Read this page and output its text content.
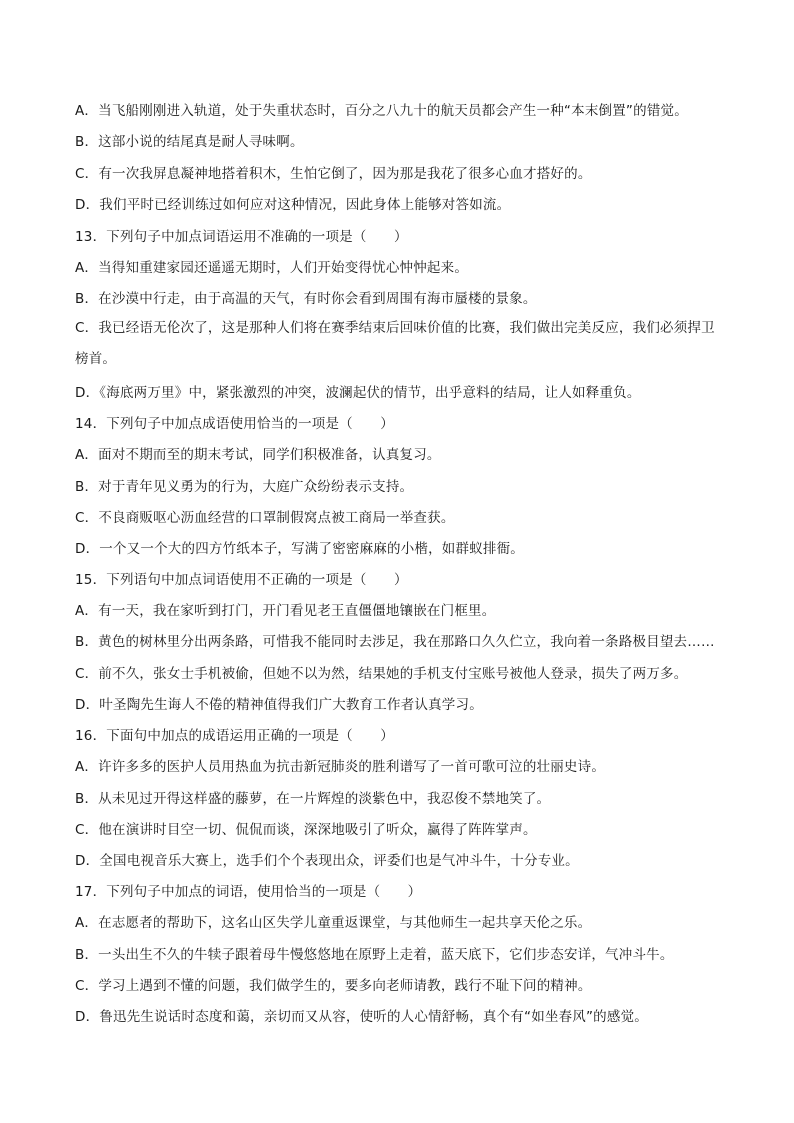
A．当飞船刚刚进入轨道，处于失重状态时，百分之八九十的航天员都会产生一种“本末倒置”的错觉。
B．这部小说的结尾真是耐人寻味啊。
C．有一次我屏息凝神地搭着积木，生怕它倒了，因为那是我花了很多心血才搭好的。
D．我们平时已经训练过如何应对这种情况，因此身体上能够对答如流。
13．下列句子中加点词语运用不准确的一项是（　　）
A．当得知重建家园还遥遥无期时，人们开始变得忧心忡忡起来。
B．在沙漠中行走，由于高温的天气，有时你会看到周围有海市蜃楼的景象。
C．我已经语无伦次了，这是那种人们将在赛季结束后回味价值的比赛，我们做出完美反应，我们必须捍卫榜首。
D．《海底两万里》中，紧张激烈的冲突，波澜起伏的情节，出乎意料的结局，让人如释重负。
14．下列句子中加点成语使用恰当的一项是（　　）
A．面对不期而至的期末考试，同学们积极准备，认真复习。
B．对于青年见义勇为的行为，大庭广众纷纷表示支持。
C．不良商贩呕心沥血经营的口罩制假窝点被工商局一举查获。
D．一个又一个大的四方竹纸本子，写满了密密麻麻的小楷，如群蚁排衙。
15．下列语句中加点词语使用不正确的一项是（　　）
A．有一天，我在家听到打门，开门看见老王直僵僵地镶嵌在门框里。
B．黄色的树林里分出两条路，可惜我不能同时去涉足，我在那路口久久伫立，我向着一条路极目望去……
C．前不久，张女士手机被偷，但她不以为然，结果她的手机支付宝账号被他人登录，损失了两万多。
D．叶圣陶先生诲人不倦的精神值得我们广大教育工作者认真学习。
16．下面句中加点的成语运用正确的一项是（　　）
A．许许多多的医护人员用热血为抗击新冠肺炎的胜利谱写了一首可歌可泣的壮丽史诗。
B．从未见过开得这样盛的藤萝，在一片辉煌的淡紫色中，我忍俊不禁地笑了。
C．他在演讲时目空一切、侃侃而谈，深深地吸引了听众，赢得了阵阵掌声。
D．全国电视音乐大赛上，选手们个个表现出众，评委们也是气冲斗牛，十分专业。
17．下列句子中加点的词语，使用恰当的一项是（　　）
A．在志愿者的帮助下，这名山区失学儿童重返课堂，与其他师生一起共享天伦之乐。
B．一头出生不久的牛犊子跟着母牛慢悠悠地在原野上走着，蓝天底下，它们步态安详，气冲斗牛。
C．学习上遇到不懂的问题，我们做学生的，要多向老师请教，践行不耻下问的精神。
D．鲁迅先生说话时态度和蔼，亲切而又从容，使听的人心情舒畅，真个有“如坐春风”的感觉。
